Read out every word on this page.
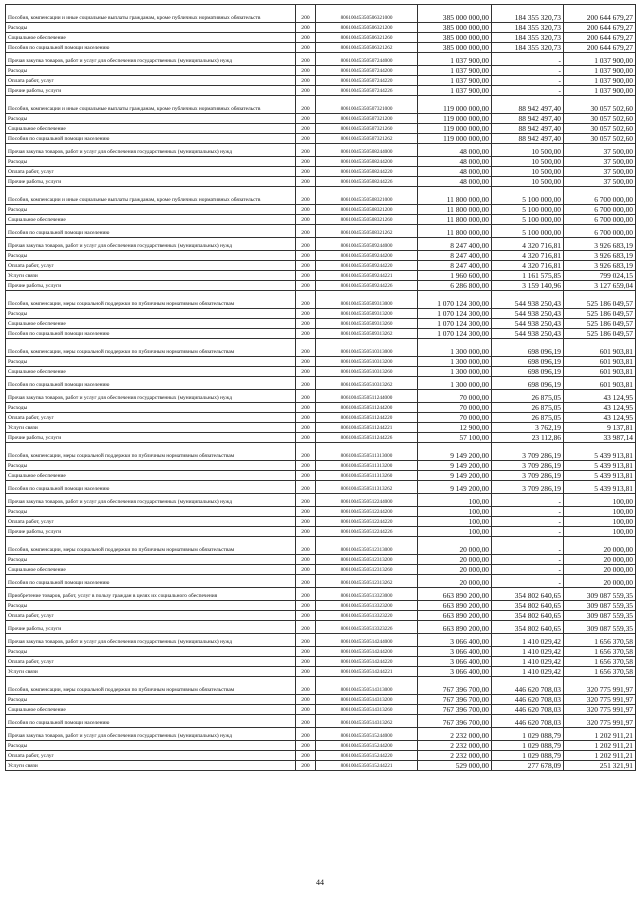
Пособия, компенсации и иные социальные выплаты гражданам, кроме публичных нормативных обязательств	200	80610045350506321000	385 000 000,00	184 355 320,73	200 644 679,27
Расходы	200	80610045350506321200	385 000 000,00	184 355 320,73	200 644 679,27
Социальное обеспечение	200	80610045350506321260	385 000 000,00	184 355 320,73	200 644 679,27
Пособия по социальной помощи населению	200	80610045350506321262	385 000 000,00	184 355 320,73	200 644 679,27
Прочая закупка товаров, работ и услуг для обеспечения государственных (муниципальных) нужд	200	80610045350507244000	1 037 900,00	-	1 037 900,00
Расходы	200	80610045350507244200	1 037 900,00	-	1 037 900,00
Оплата работ, услуг	200	80610045350507244220	1 037 900,00	-	1 037 900,00
Прочие работы, услуги	200	80610045350507244226	1 037 900,00	-	1 037 900,00
Пособия, компенсации и иные социальные выплаты гражданам, кроме публичных нормативных обязательств	200	80610045350507321000	119 000 000,00	88 942 497,40	30 057 502,60
Расходы	200	80610045350507321200	119 000 000,00	88 942 497,40	30 057 502,60
Социальное обеспечение	200	80610045350507321260	119 000 000,00	88 942 497,40	30 057 502,60
Пособия по социальной помощи населению	200	80610045350507321262	119 000 000,00	88 942 497,40	30 057 502,60
Прочая закупка товаров, работ и услуг для обеспечения государственных (муниципальных) нужд	200	80610045350508244000	48 000,00	10 500,00	37 500,00
Расходы	200	80610045350508244200	48 000,00	10 500,00	37 500,00
Оплата работ, услуг	200	80610045350508244220	48 000,00	10 500,00	37 500,00
Прочие работы, услуги	200	80610045350508244226	48 000,00	10 500,00	37 500,00
Пособия, компенсации и иные социальные выплаты гражданам, кроме публичных нормативных обязательств	200	80610045350508321000	11 800 000,00	5 100 000,00	6 700 000,00
Расходы	200	80610045350508321200	11 800 000,00	5 100 000,00	6 700 000,00
Социальное обеспечение	200	80610045350508321260	11 800 000,00	5 100 000,00	6 700 000,00
Пособия по социальной помощи населению	200	80610045350508321262	11 800 000,00	5 100 000,00	6 700 000,00
Прочая закупка товаров, работ и услуг для обеспечения государственных (муниципальных) нужд	200	80610045350509244000	8 247 400,00	4 320 716,81	3 926 683,19
Расходы	200	80610045350509244200	8 247 400,00	4 320 716,81	3 926 683,19
Оплата работ, услуг	200	80610045350509244220	8 247 400,00	4 320 716,81	3 926 683,19
Услуги связи	200	80610045350509244221	1 960 600,00	1 161 575,85	799 024,15
Прочие работы, услуги	200	80610045350509244226	6 286 800,00	3 159 140,96	3 127 659,04
Пособия, компенсации, меры социальной поддержки по публичным нормативным обязательствам	200	80610045350509313000	1 070 124 300,00	544 938 250,43	525 186 049,57
Расходы	200	80610045350509313200	1 070 124 300,00	544 938 250,43	525 186 049,57
Социальное обеспечение	200	80610045350509313260	1 070 124 300,00	544 938 250,43	525 186 049,57
Пособия по социальной помощи населению	200	80610045350509313262	1 070 124 300,00	544 938 250,43	525 186 049,57
Пособия, компенсации, меры социальной поддержки по публичным нормативным обязательствам	200	80610045350510313000	1 300 000,00	698 096,19	601 903,81
Расходы	200	80610045350510313200	1 300 000,00	698 096,19	601 903,81
Социальное обеспечение	200	80610045350510313260	1 300 000,00	698 096,19	601 903,81
Пособия по социальной помощи населению	200	80610045350510313262	1 300 000,00	698 096,19	601 903,81
Прочая закупка товаров, работ и услуг для обеспечения государственных (муниципальных) нужд	200	80610045350511244000	70 000,00	26 875,05	43 124,95
Расходы	200	80610045350511244200	70 000,00	26 875,05	43 124,95
Оплата работ, услуг	200	80610045350511244220	70 000,00	26 875,05	43 124,95
Услуги связи	200	80610045350511244221	12 900,00	3 762,19	9 137,81
Прочие работы, услуги	200	80610045350511244226	57 100,00	23 112,86	33 987,14
Пособия, компенсации, меры социальной поддержки по публичным нормативным обязательствам	200	80610045350511313000	9 149 200,00	3 709 286,19	5 439 913,81
Расходы	200	80610045350511313200	9 149 200,00	3 709 286,19	5 439 913,81
Социальное обеспечение	200	80610045350511313260	9 149 200,00	3 709 286,19	5 439 913,81
Пособия по социальной помощи населению	200	80610045350511313262	9 149 200,00	3 709 286,19	5 439 913,81
Прочая закупка товаров, работ и услуг для обеспечения государственных (муниципальных) нужд	200	80610045350512244000	100,00	-	100,00
Расходы	200	80610045350512244200	100,00	-	100,00
Оплата работ, услуг	200	80610045350512244220	100,00	-	100,00
Прочие работы, услуги	200	80610045350512244226	100,00	-	100,00
Пособия, компенсации, меры социальной поддержки по публичным нормативным обязательствам	200	80610045350512313000	20 000,00	-	20 000,00
Расходы	200	80610045350512313200	20 000,00	-	20 000,00
Социальное обеспечение	200	80610045350512313260	20 000,00	-	20 000,00
Пособия по социальной помощи населению	200	80610045350512313262	20 000,00	-	20 000,00
Приобретение товаров, работ, услуг в пользу граждан в целях их социального обеспечения	200	80610045350513323000	663 890 200,00	354 802 640,65	309 087 559,35
Расходы	200	80610045350513323200	663 890 200,00	354 802 640,65	309 087 559,35
Оплата работ, услуг	200	80610045350513323220	663 890 200,00	354 802 640,65	309 087 559,35
Прочие работы, услуги	200	80610045350513323226	663 890 200,00	354 802 640,65	309 087 559,35
Прочая закупка товаров, работ и услуг для обеспечения государственных (муниципальных) нужд	200	80610045350514244000	3 066 400,00	1 410 029,42	1 656 370,58
Расходы	200	80610045350514244200	3 066 400,00	1 410 029,42	1 656 370,58
Оплата работ, услуг	200	80610045350514244220	3 066 400,00	1 410 029,42	1 656 370,58
Услуги связи	200	80610045350514244221	3 066 400,00	1 410 029,42	1 656 370,58
Пособия, компенсации, меры социальной поддержки по публичным нормативным обязательствам	200	80610045350514313000	767 396 700,00	446 620 708,03	320 775 991,97
Расходы	200	80610045350514313200	767 396 700,00	446 620 708,03	320 775 991,97
Социальное обеспечение	200	80610045350514313260	767 396 700,00	446 620 708,03	320 775 991,97
Пособия по социальной помощи населению	200	80610045350514313262	767 396 700,00	446 620 708,03	320 775 991,97
Прочая закупка товаров, работ и услуг для обеспечения государственных (муниципальных) нужд	200	80610045350515244000	2 232 000,00	1 029 088,79	1 202 911,21
Расходы	200	80610045350515244200	2 232 000,00	1 029 088,79	1 202 911,21
Оплата работ, услуг	200	80610045350515244220	2 232 000,00	1 029 088,79	1 202 911,21
Услуги связи	200	80610045350515244221	529 000,00	277 678,09	251 321,91
44
